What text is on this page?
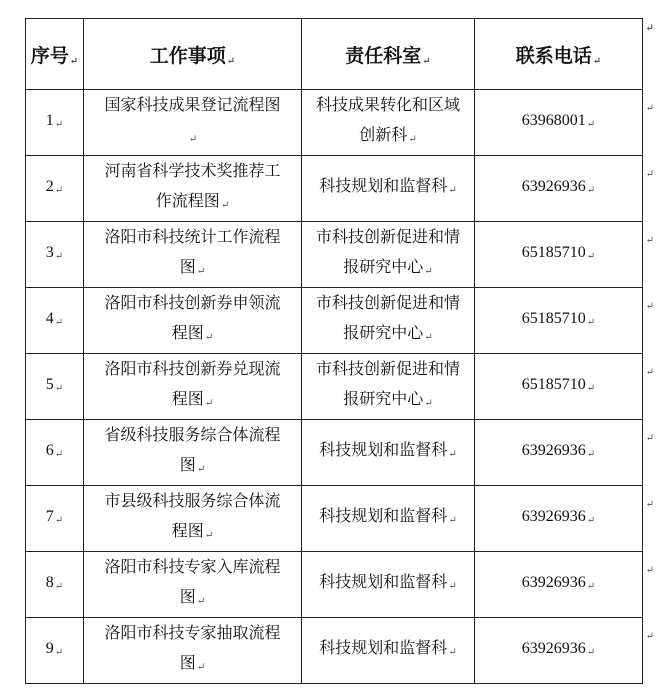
序号↵	工作事项↵	责任科室↵	联系电话↵
↵

1↵	国家科技成果登记流程图↵	科技成果转化和区域创新科↵	63968001↵
↵

2↵	河南省科学技术奖推荐工作流程图↵	科技规划和监督科↵	63926936↵
↵

3↵	洛阳市科技统计工作流程图↵	市科技创新促进和情报研究中心↵	65185710↵
↵

4↵	洛阳市科技创新券申领流程图↵	市科技创新促进和情报研究中心↵	65185710↵
↵

5↵	洛阳市科技创新券兑现流程图↵	市科技创新促进和情报研究中心↵	65185710↵
↵

6↵	省级科技服务综合体流程图↵	科技规划和监督科↵	63926936↵
↵

7↵	市县级科技服务综合体流程图↵	科技规划和监督科↵	63926936↵
↵

8↵	洛阳市科技专家入库流程图↵	科技规划和监督科↵	63926936↵
↵

9↵	洛阳市科技专家抽取流程图↵	科技规划和监督科↵	63926936↵
↵
